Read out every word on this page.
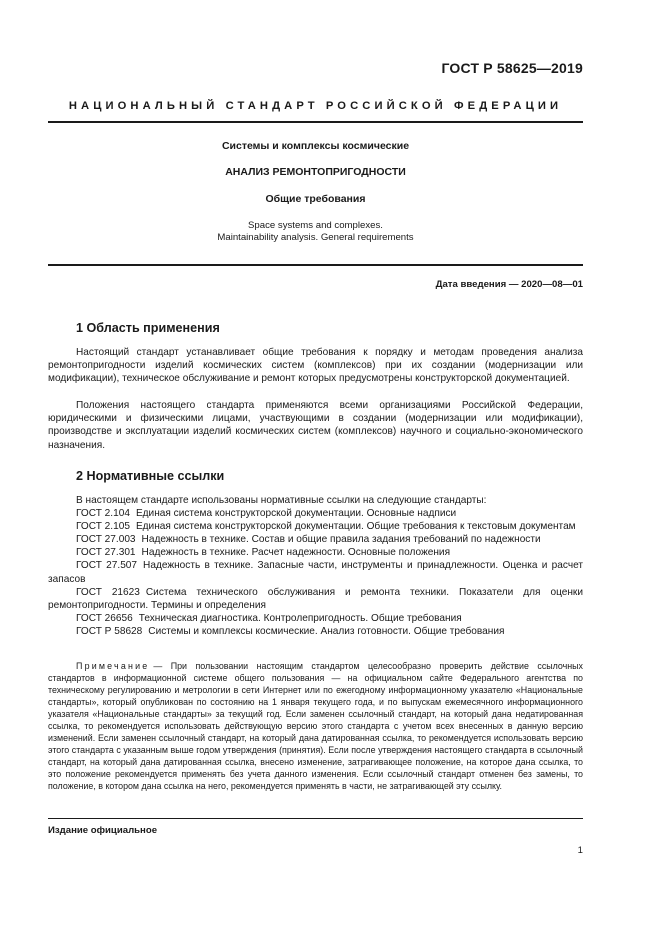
ГОСТ Р 58625—2019
НАЦИОНАЛЬНЫЙ СТАНДАРТ РОССИЙСКОЙ ФЕДЕРАЦИИ
Системы и комплексы космические
АНАЛИЗ РЕМОНТОПРИГОДНОСТИ
Общие требования
Space systems and complexes.
Maintainability analysis. General requirements
Дата введения — 2020—08—01
1 Область применения

Настоящий стандарт устанавливает общие требования к порядку и методам проведения анализа ремонтопригодности изделий космических систем (комплексов) при их создании (модернизации или модификации), техническое обслуживание и ремонт которых предусмотрены конструкторской документацией.

Положения настоящего стандарта применяются всеми организациями Российской Федерации, юридическими и физическими лицами, участвующими в создании (модернизации или модификации), производстве и эксплуатации изделий космических систем (комплексов) научного и социально-экономического назначения.

2 Нормативные ссылки

В настоящем стандарте использованы нормативные ссылки на следующие стандарты:

ГОСТ 2.104 Единая система конструкторской документации. Основные надписи
ГОСТ 2.105 Единая система конструкторской документации. Общие требования к текстовым документам
ГОСТ 27.003 Надежность в технике. Состав и общие правила задания требований по надежности
ГОСТ 27.301 Надежность в технике. Расчет надежности. Основные положения
ГОСТ 27.507 Надежность в технике. Запасные части, инструменты и принадлежности. Оценка и расчет запасов
ГОСТ 21623 Система технического обслуживания и ремонта техники. Показатели для оценки ремонтопригодности. Термины и определения
ГОСТ 26656 Техническая диагностика. Контролепригодность. Общие требования
ГОСТ Р 58628 Системы и комплексы космические. Анализ готовности. Общие требования

Примечание — При пользовании настоящим стандартом целесообразно проверить действие ссылочных стандартов в информационной системе общего пользования — на официальном сайте Федерального агентства по техническому регулированию и метрологии в сети Интернет или по ежегодному информационному указателю «Национальные стандарты», который опубликован по состоянию на 1 января текущего года, и по выпускам ежемесячного информационного указателя «Национальные стандарты» за текущий год. Если заменен ссылочный стандарт, на который дана недатированная ссылка, то рекомендуется использовать действующую версию этого стандарта с учетом всех внесенных в данную версию изменений. Если заменен ссылочный стандарт, на который дана датированная ссылка, то рекомендуется использовать версию этого стандарта с указанным выше годом утверждения (принятия). Если после утверждения настоящего стандарта в ссылочный стандарт, на который дана датированная ссылка, внесено изменение, затрагивающее положение, на которое дана ссылка, то это положение рекомендуется применять без учета данного изменения. Если ссылочный стандарт отменен без замены, то положение, в котором дана ссылка на него, рекомендуется применять в части, не затрагивающей эту ссылку.

Издание официальное
1
